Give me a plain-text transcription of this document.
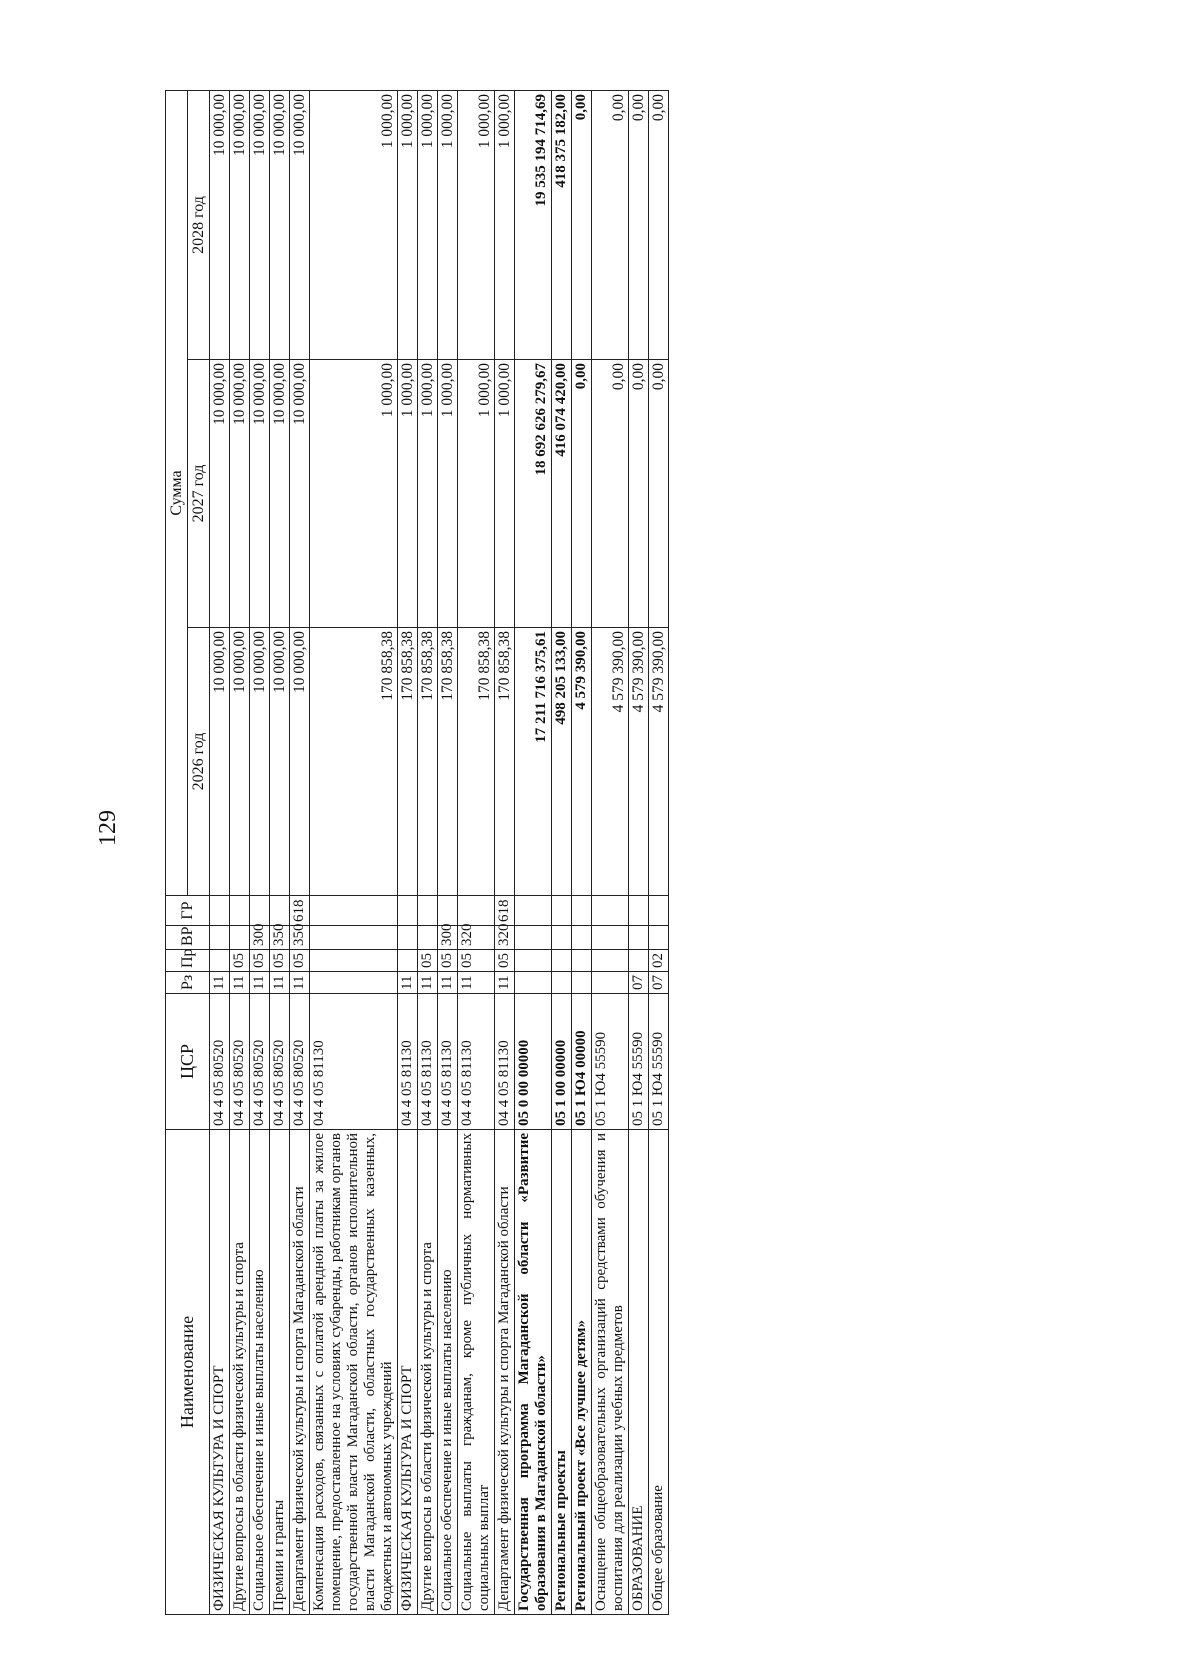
129
Наименование	ЦСР	Рз	Пр	ВР	ГР	Сумма		
						2026 год	2027 год	2028 год
ФИЗИЧЕСКАЯ КУЛЬТУРА И СПОРТ	04 4 05 80520	11				10 000,00	10 000,00	10 000,00
Другие вопросы в области физической культуры и спорта	04 4 05 80520	11	05			10 000,00	10 000,00	10 000,00
Социальное обеспечение и иные выплаты населению	04 4 05 80520	11	05	300		10 000,00	10 000,00	10 000,00
Премии и гранты	04 4 05 80520	11	05	350		10 000,00	10 000,00	10 000,00
Департамент физической культуры и спорта Магаданской области	04 4 05 80520	11	05	350	618	10 000,00	10 000,00	10 000,00
Компенсация расходов, связанных с оплатой арендной платы за жилое помещение, предоставленное на условиях субаренды, работникам органов государственной власти Магаданской области, органов исполнительной власти Магаданской области, областных государственных казенных, бюджетных и автономных учреждений	04 4 05 81130					170 858,38	1 000,00	1 000,00
ФИЗИЧЕСКАЯ КУЛЬТУРА И СПОРТ	04 4 05 81130	11				170 858,38	1 000,00	1 000,00
Другие вопросы в области физической культуры и спорта	04 4 05 81130	11	05			170 858,38	1 000,00	1 000,00
Социальное обеспечение и иные выплаты населению	04 4 05 81130	11	05	300		170 858,38	1 000,00	1 000,00
Социальные выплаты гражданам, кроме публичных нормативных социальных выплат	04 4 05 81130	11	05	320		170 858,38	1 000,00	1 000,00
Департамент физической культуры и спорта Магаданской области	04 4 05 81130	11	05	320	618	170 858,38	1 000,00	1 000,00
Государственная программа Магаданской области «Развитие образования в Магаданской области»	05 0 00 00000					17 211 716 375,61	18 692 626 279,67	19 535 194 714,69
Региональные проекты	05 1 00 00000					498 205 133,00	416 074 420,00	418 375 182,00
Региональный проект «Все лучшее детям»	05 1 Ю4 00000					4 579 390,00	0,00	0,00
Оснащение общеобразовательных организаций средствами обучения и воспитания для реализации учебных предметов	05 1 Ю4 55590					4 579 390,00	0,00	0,00
ОБРАЗОВАНИЕ	05 1 Ю4 55590	07				4 579 390,00	0,00	0,00
Общее образование	05 1 Ю4 55590	07	02			4 579 390,00	0,00	0,00
